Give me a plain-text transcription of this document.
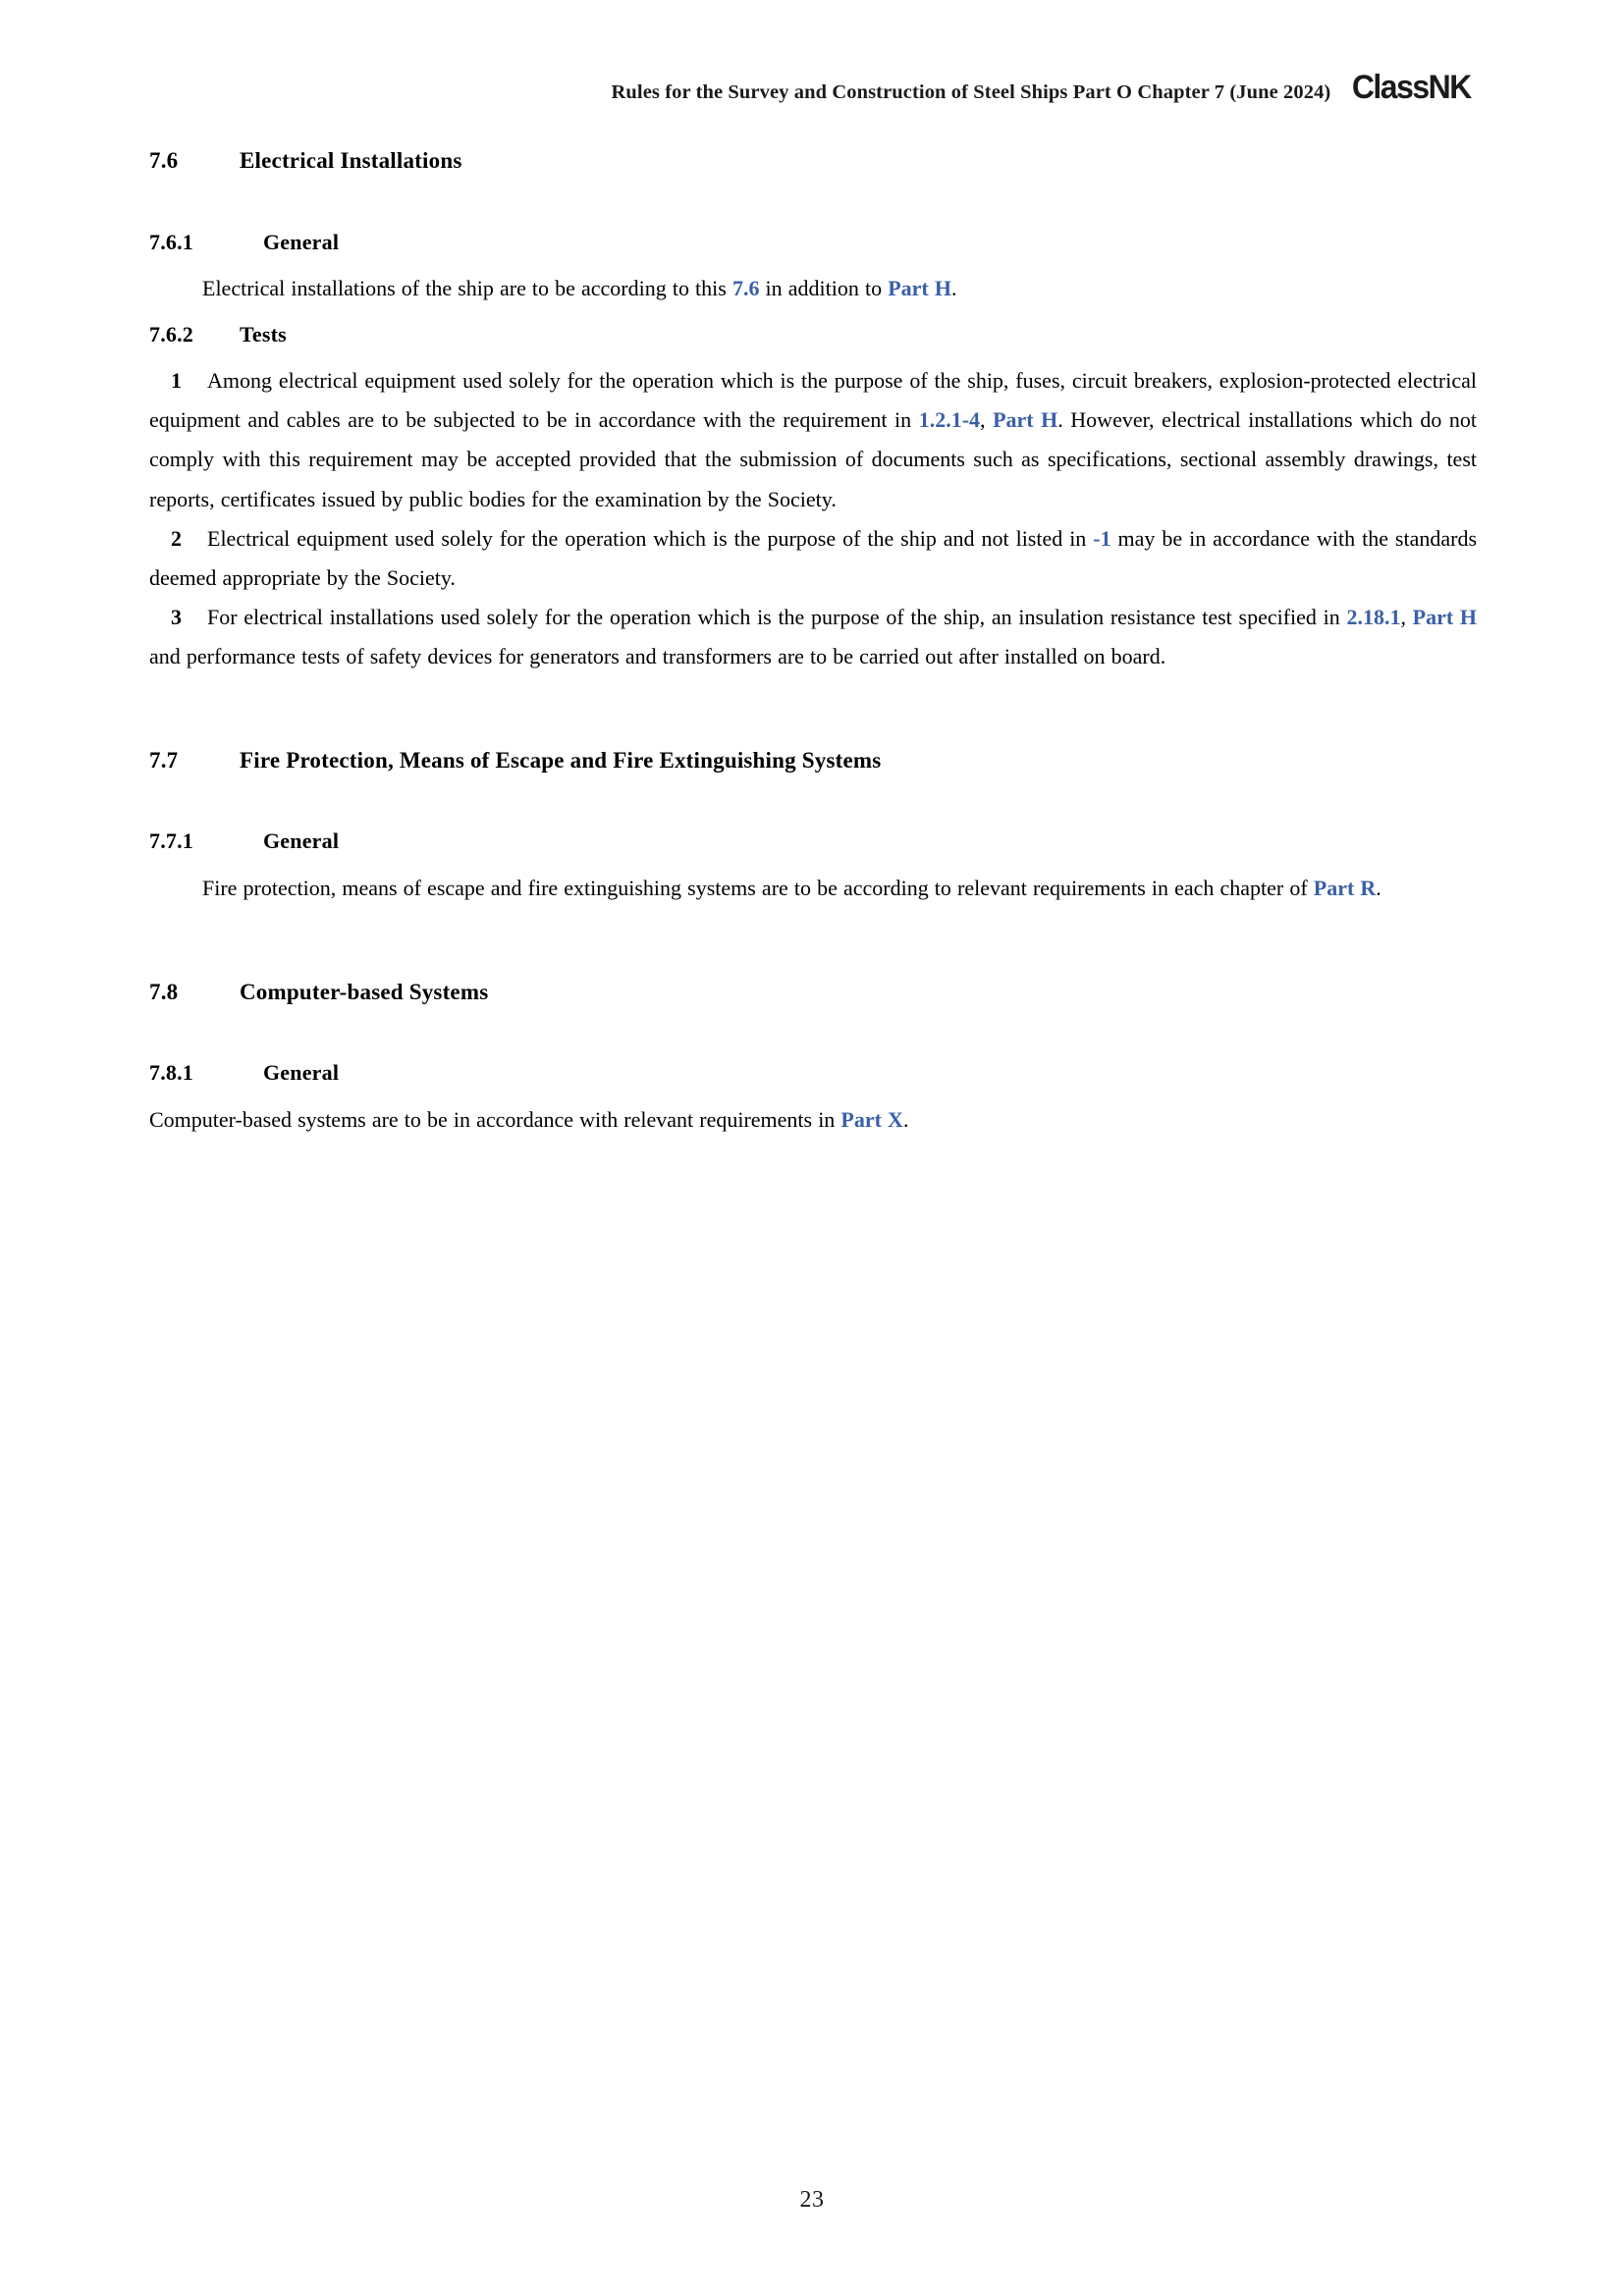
Rules for the Survey and Construction of Steel Ships Part O Chapter 7 (June 2024) ClassNK
7.6	Electrical Installations
7.6.1	General

Electrical installations of the ship are to be according to this 7.6 in addition to Part H.

7.6.2	Tests

1 Among electrical equipment used solely for the operation which is the purpose of the ship, fuses, circuit breakers, explosion-protected electrical equipment and cables are to be subjected to be in accordance with the requirement in 1.2.1-4, Part H. However, electrical installations which do not comply with this requirement may be accepted provided that the submission of documents such as specifications, sectional assembly drawings, test reports, certificates issued by public bodies for the examination by the Society.

2 Electrical equipment used solely for the operation which is the purpose of the ship and not listed in -1 may be in accordance with the standards deemed appropriate by the Society.

3 For electrical installations used solely for the operation which is the purpose of the ship, an insulation resistance test specified in 2.18.1, Part H and performance tests of safety devices for generators and transformers are to be carried out after installed on board.

7.7	Fire Protection, Means of Escape and Fire Extinguishing Systems
7.7.1	General

Fire protection, means of escape and fire extinguishing systems are to be according to relevant requirements in each chapter of Part R.

7.8	Computer-based Systems
7.8.1	General

Computer-based systems are to be in accordance with relevant requirements in Part X.

23
